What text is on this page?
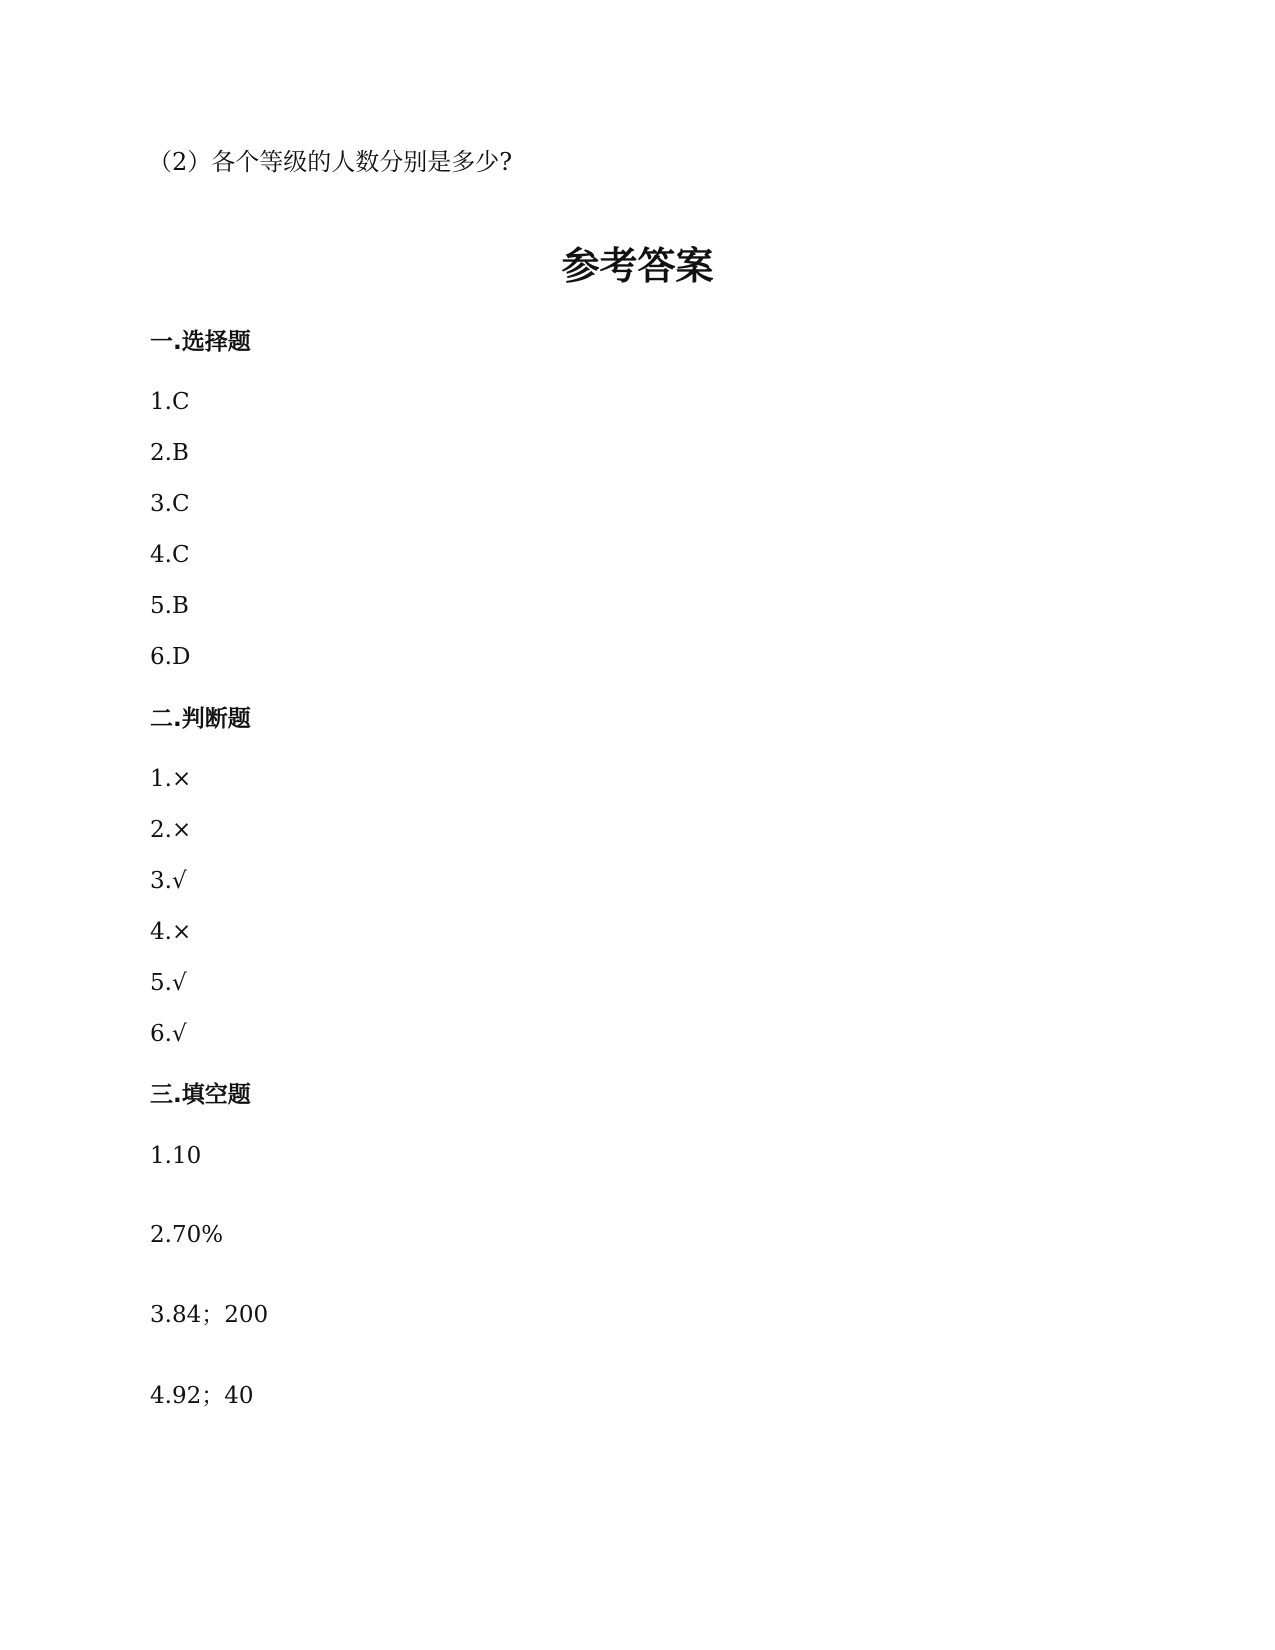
（2）各个等级的人数分别是多少?
参考答案
一.选择题
1.C
2.B
3.C
4.C
5.B
6.D
二.判断题
1.×
2.×
3.√
4.×
5.√
6.√
三.填空题
1.10
2.70%
3.84；200
4.92；40
